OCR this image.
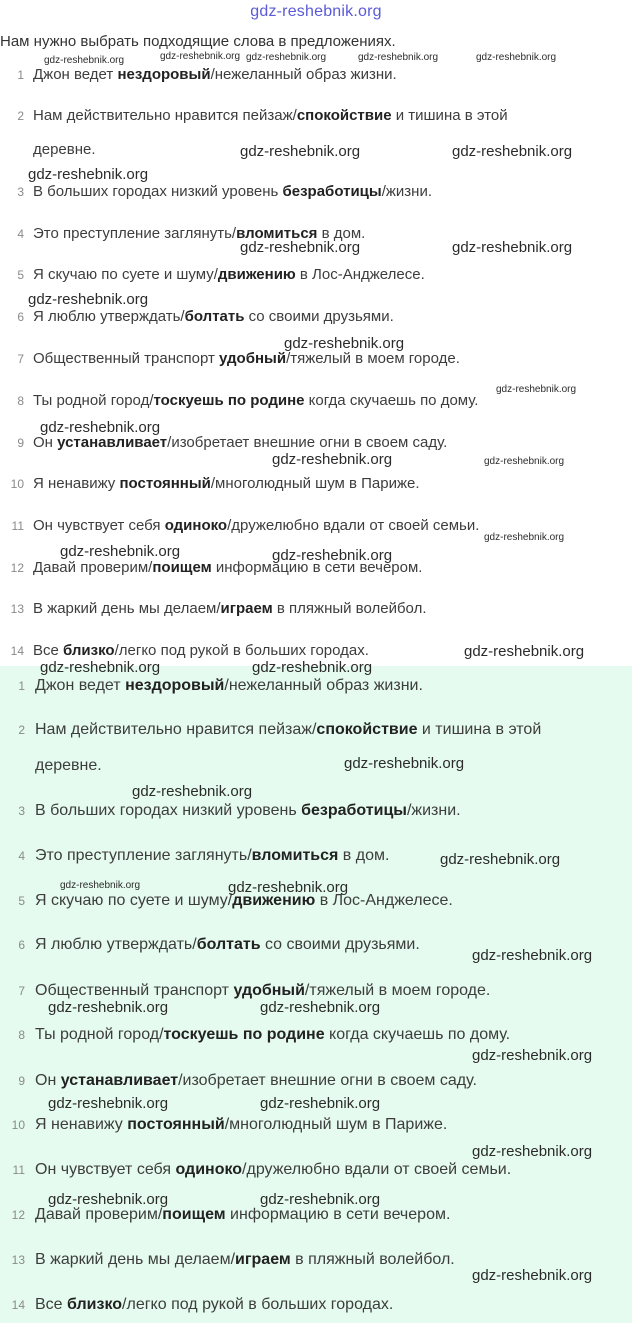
gdz-reshebnik.org
Нам нужно выбрать подходящие слова в предложениях.
1 Джон ведет нездоровый/нежеланный образ жизни.
2 Нам действительно нравится пейзаж/спокойствие и тишина в этой
деревне.
3 В больших городах низкий уровень безработицы/жизни.
4 Это преступление заглянуть/вломиться в дом.
5 Я скучаю по суете и шуму/движению в Лос-Анджелесе.
6 Я люблю утверждать/болтать со своими друзьями.
7 Общественный транспорт удобный/тяжелый в моем городе.
8 Ты родной город/тоскуешь по родине когда скучаешь по дому.
9 Он устанавливает/изобретает внешние огни в своем саду.
10 Я ненавижу постоянный/многолюдный шум в Париже.
11 Он чувствует себя одиноко/дружелюбно вдали от своей семьи.
12 Давай проверим/поищем информацию в сети вечером.
13 В жаркий день мы делаем/играем в пляжный волейбол.
14 Все близко/легко под рукой в больших городах.
1 Джон ведет нездоровый/нежеланный образ жизни.
2 Нам действительно нравится пейзаж/спокойствие и тишина в этой
деревне.
3 В больших городах низкий уровень безработицы/жизни.
4 Это преступление заглянуть/вломиться в дом.
5 Я скучаю по суете и шуму/движению в Лос-Анджелесе.
6 Я люблю утверждать/болтать со своими друзьями.
7 Общественный транспорт удобный/тяжелый в моем городе.
8 Ты родной город/тоскуешь по родине когда скучаешь по дому.
9 Он устанавливает/изобретает внешние огни в своем саду.
10 Я ненавижу постоянный/многолюдный шум в Париже.
11 Он чувствует себя одиноко/дружелюбно вдали от своей семьи.
12 Давай проверим/поищем информацию в сети вечером.
13 В жаркий день мы делаем/играем в пляжный волейбол.
14 Все близко/легко под рукой в больших городах.
gdz-reshebnik.org	gdz-reshebnik.org gdz-reshebnik.org	gdz-reshebnik.org	gdz-reshebnik.org
gdz-reshebnik.org	gdz-reshebnik.org
gdz-reshebnik.org
gdz-reshebnik.org	gdz-reshebnik.org
gdz-reshebnik.org
gdz-reshebnik.org
gdz-reshebnik.org
gdz-reshebnik.org
gdz-reshebnik.org	gdz-reshebnik.org
gdz-reshebnik.org
gdz-reshebnik.org	gdz-reshebnik.org
gdz-reshebnik.org
gdz-reshebnik.org	gdz-reshebnik.org
gdz-reshebnik.org
gdz-reshebnik.org
gdz-reshebnik.org
gdz-reshebnik.org	gdz-reshebnik.org
gdz-reshebnik.org
gdz-reshebnik.org	gdz-reshebnik.org
gdz-reshebnik.org
gdz-reshebnik.org	gdz-reshebnik.org
gdz-reshebnik.org
gdz-reshebnik.org	gdz-reshebnik.org
gdz-reshebnik.org
